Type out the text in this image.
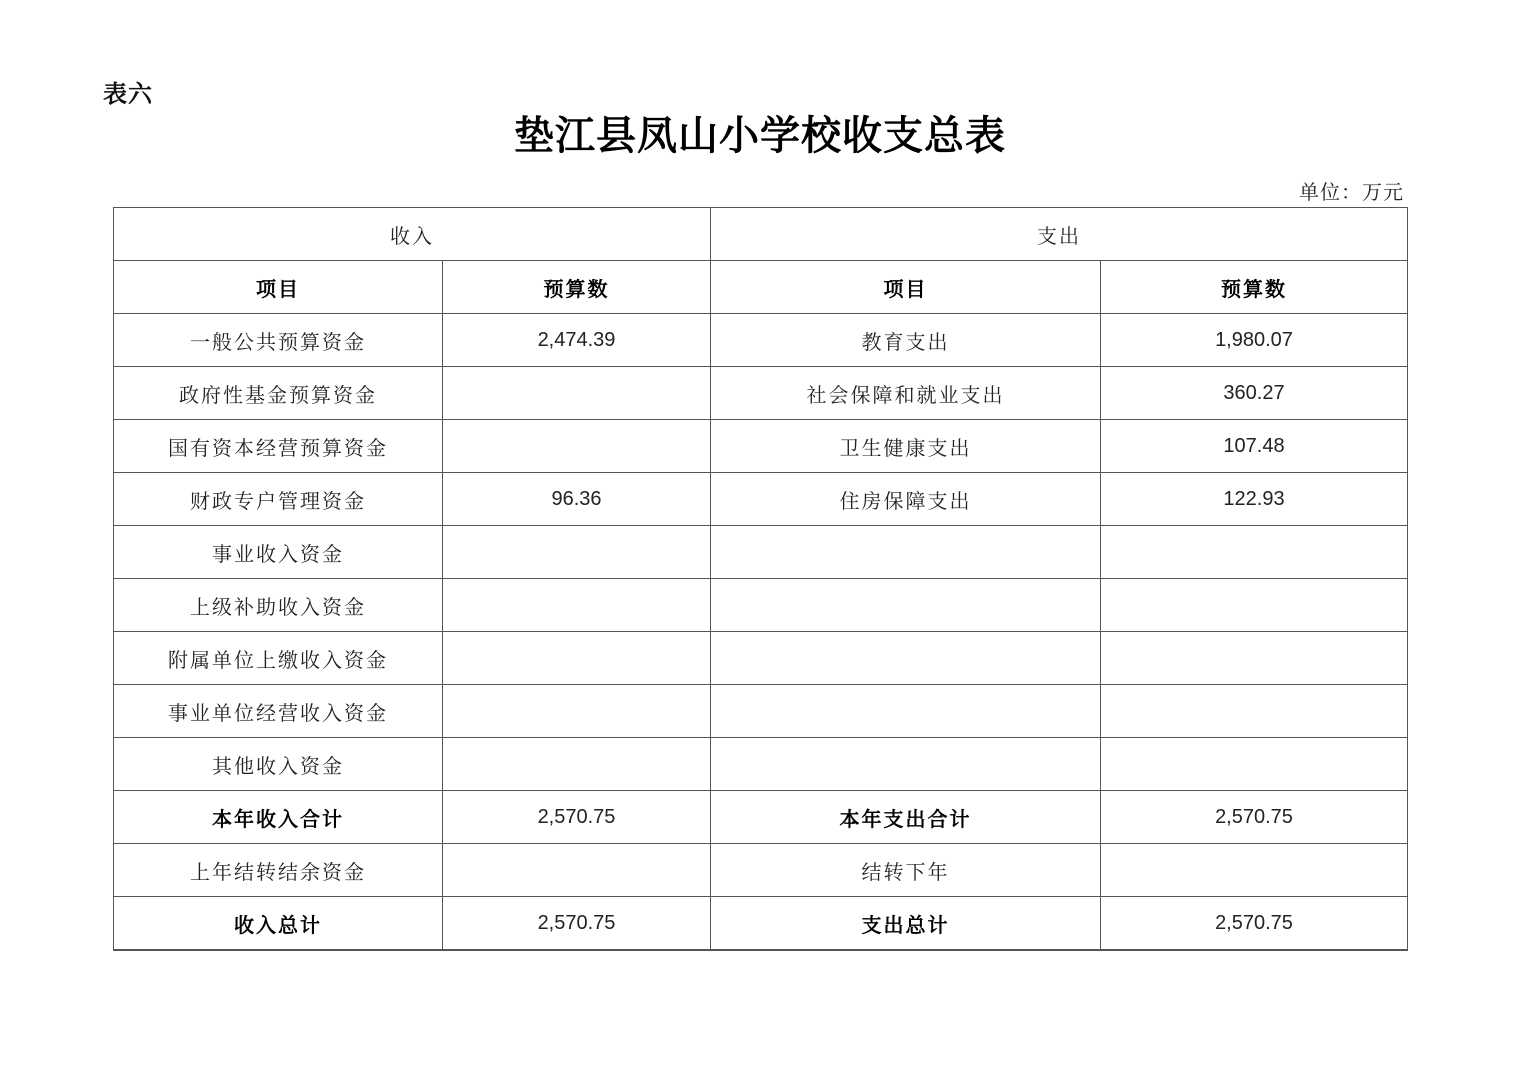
表六
垫江县凤山小学校收支总表
单位：万元
收入		支出	
项目	预算数	项目	预算数
一般公共预算资金	2,474.39	教育支出	1,980.07
政府性基金预算资金		社会保障和就业支出	360.27
国有资本经营预算资金		卫生健康支出	107.48
财政专户管理资金	96.36	住房保障支出	122.93
事业收入资金			
上级补助收入资金			
附属单位上缴收入资金			
事业单位经营收入资金			
其他收入资金			
本年收入合计	2,570.75	本年支出合计	2,570.75
上年结转结余资金		结转下年	
收入总计	2,570.75	支出总计	2,570.75
